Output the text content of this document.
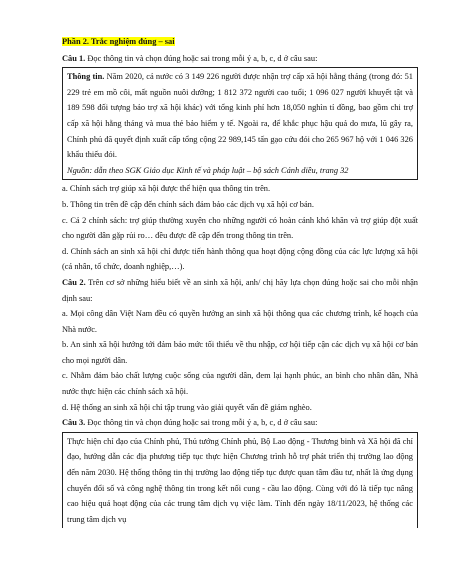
Phần 2. Trắc nghiệm đúng – sai

Câu 1. Đọc thông tin và chọn đúng hoặc sai trong mỗi ý a, b, c, d ở câu sau:

Thông tin. Năm 2020, cả nước có 3 149 226 người được nhận trợ cấp xã hội hằng tháng (trong đó: 51 229 trẻ em mồ côi, mất nguồn nuôi dưỡng; 1 812 372 người cao tuổi; 1 096 027 người khuyết tật và 189 598 đối tượng bảo trợ xã hội khác) với tổng kinh phí hơn 18,050 nghìn tỉ đồng, bao gồm chi trợ cấp xã hội hằng tháng và mua thẻ bảo hiểm y tế. Ngoài ra, để khắc phục hậu quả do mưa, lũ gây ra, Chính phủ đã quyết định xuất cấp tổng cộng 22 989,145 tấn gạo cứu đói cho 265 967 hộ với 1 046 326 khẩu thiếu đói.

Nguồn: dẫn theo SGK Giáo dục Kinh tế và pháp luật – bộ sách Cánh diều, trang 32

a. Chính sách trợ giúp xã hội được thể hiện qua thông tin trên.

b. Thông tin trên đề cập đến chính sách đảm bảo các dịch vụ xã hội cơ bản.

c. Cả 2 chính sách: trợ giúp thường xuyên cho những người có hoàn cảnh khó khăn và trợ giúp đột xuất cho người dân gặp rủi ro… đều được đề cập đến trong thông tin trên.

d. Chính sách an sinh xã hội chỉ được tiến hành thông qua hoạt động cộng đồng của các lực lượng xã hội (cá nhân, tổ chức, doanh nghiệp,…).

Câu 2. Trên cơ sở những hiểu biết về an sinh xã hội, anh/ chị hãy lựa chọn đúng hoặc sai cho mỗi nhận định sau:

a. Mọi công dân Việt Nam đều có quyền hưởng an sinh xã hội thông qua các chương trình, kế hoạch của Nhà nước.

b. An sinh xã hội hướng tới đảm bảo mức tối thiểu về thu nhập, cơ hội tiếp cận các dịch vụ xã hội cơ bản cho mọi người dân.

c. Nhằm đảm bảo chất lượng cuộc sống của người dân, đem lại hạnh phúc, an bình cho nhân dân, Nhà nước thực hiện các chính sách xã hội.

d. Hệ thống an sinh xã hội chỉ tập trung vào giải quyết vấn đề giảm nghèo.

Câu 3. Đọc thông tin và chọn đúng hoặc sai trong mỗi ý a, b, c, d ở câu sau:

Thực hiện chỉ đạo của Chính phủ, Thủ tướng Chính phủ, Bộ Lao động - Thương binh và Xã hội đã chỉ đạo, hướng dẫn các địa phương tiếp tục thực hiện Chương trình hỗ trợ phát triển thị trường lao động đến năm 2030. Hệ thống thông tin thị trường lao động tiếp tục được quan tâm đầu tư, nhất là ứng dụng chuyển đổi số và công nghệ thông tin trong kết nối cung - cầu lao động. Cùng với đó là tiếp tục nâng cao hiệu quả hoạt động của các trung tâm dịch vụ việc làm. Tính đến ngày 18/11/2023, hệ thống các trung tâm dịch vụ
